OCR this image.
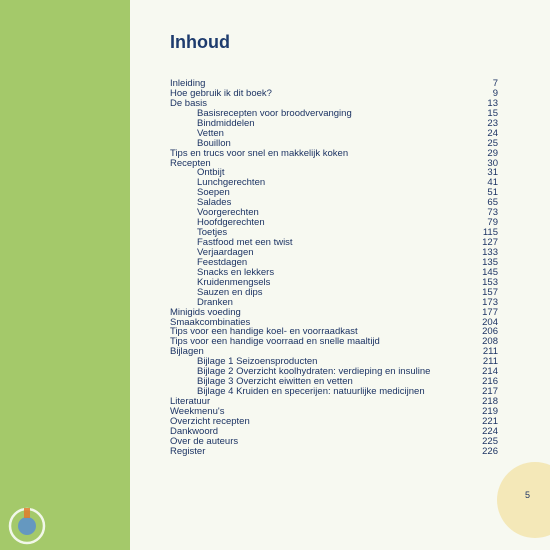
Inhoud
Inleiding	7
Hoe gebruik ik dit boek?	9
De basis	13
Basisrecepten voor broodvervanging	15
Bindmiddelen	23
Vetten	24
Bouillon	25
Tips en trucs voor snel en makkelijk koken	29
Recepten	30
Ontbijt	31
Lunchgerechten	41
Soepen	51
Salades	65
Voorgerechten	73
Hoofdgerechten	79
Toetjes	115
Fastfood met een twist	127
Verjaardagen	133
Feestdagen	135
Snacks en lekkers	145
Kruidenmengsels	153
Sauzen en dips	157
Dranken	173
Minigids voeding	177
Smaakcombinaties	204
Tips voor een handige koel- en voorraadkast	206
Tips voor een handige voorraad en snelle maaltijd	208
Bijlagen	211
Bijlage 1 Seizoensproducten	211
Bijlage 2 Overzicht koolhydraten: verdieping en insuline	214
Bijlage 3 Overzicht eiwitten en vetten	216
Bijlage 4 Kruiden en specerijen: natuurlijke medicijnen	217
Literatuur	218
Weekmenu's	219
Overzicht recepten	221
Dankwoord	224
Over de auteurs	225
Register	226
5
